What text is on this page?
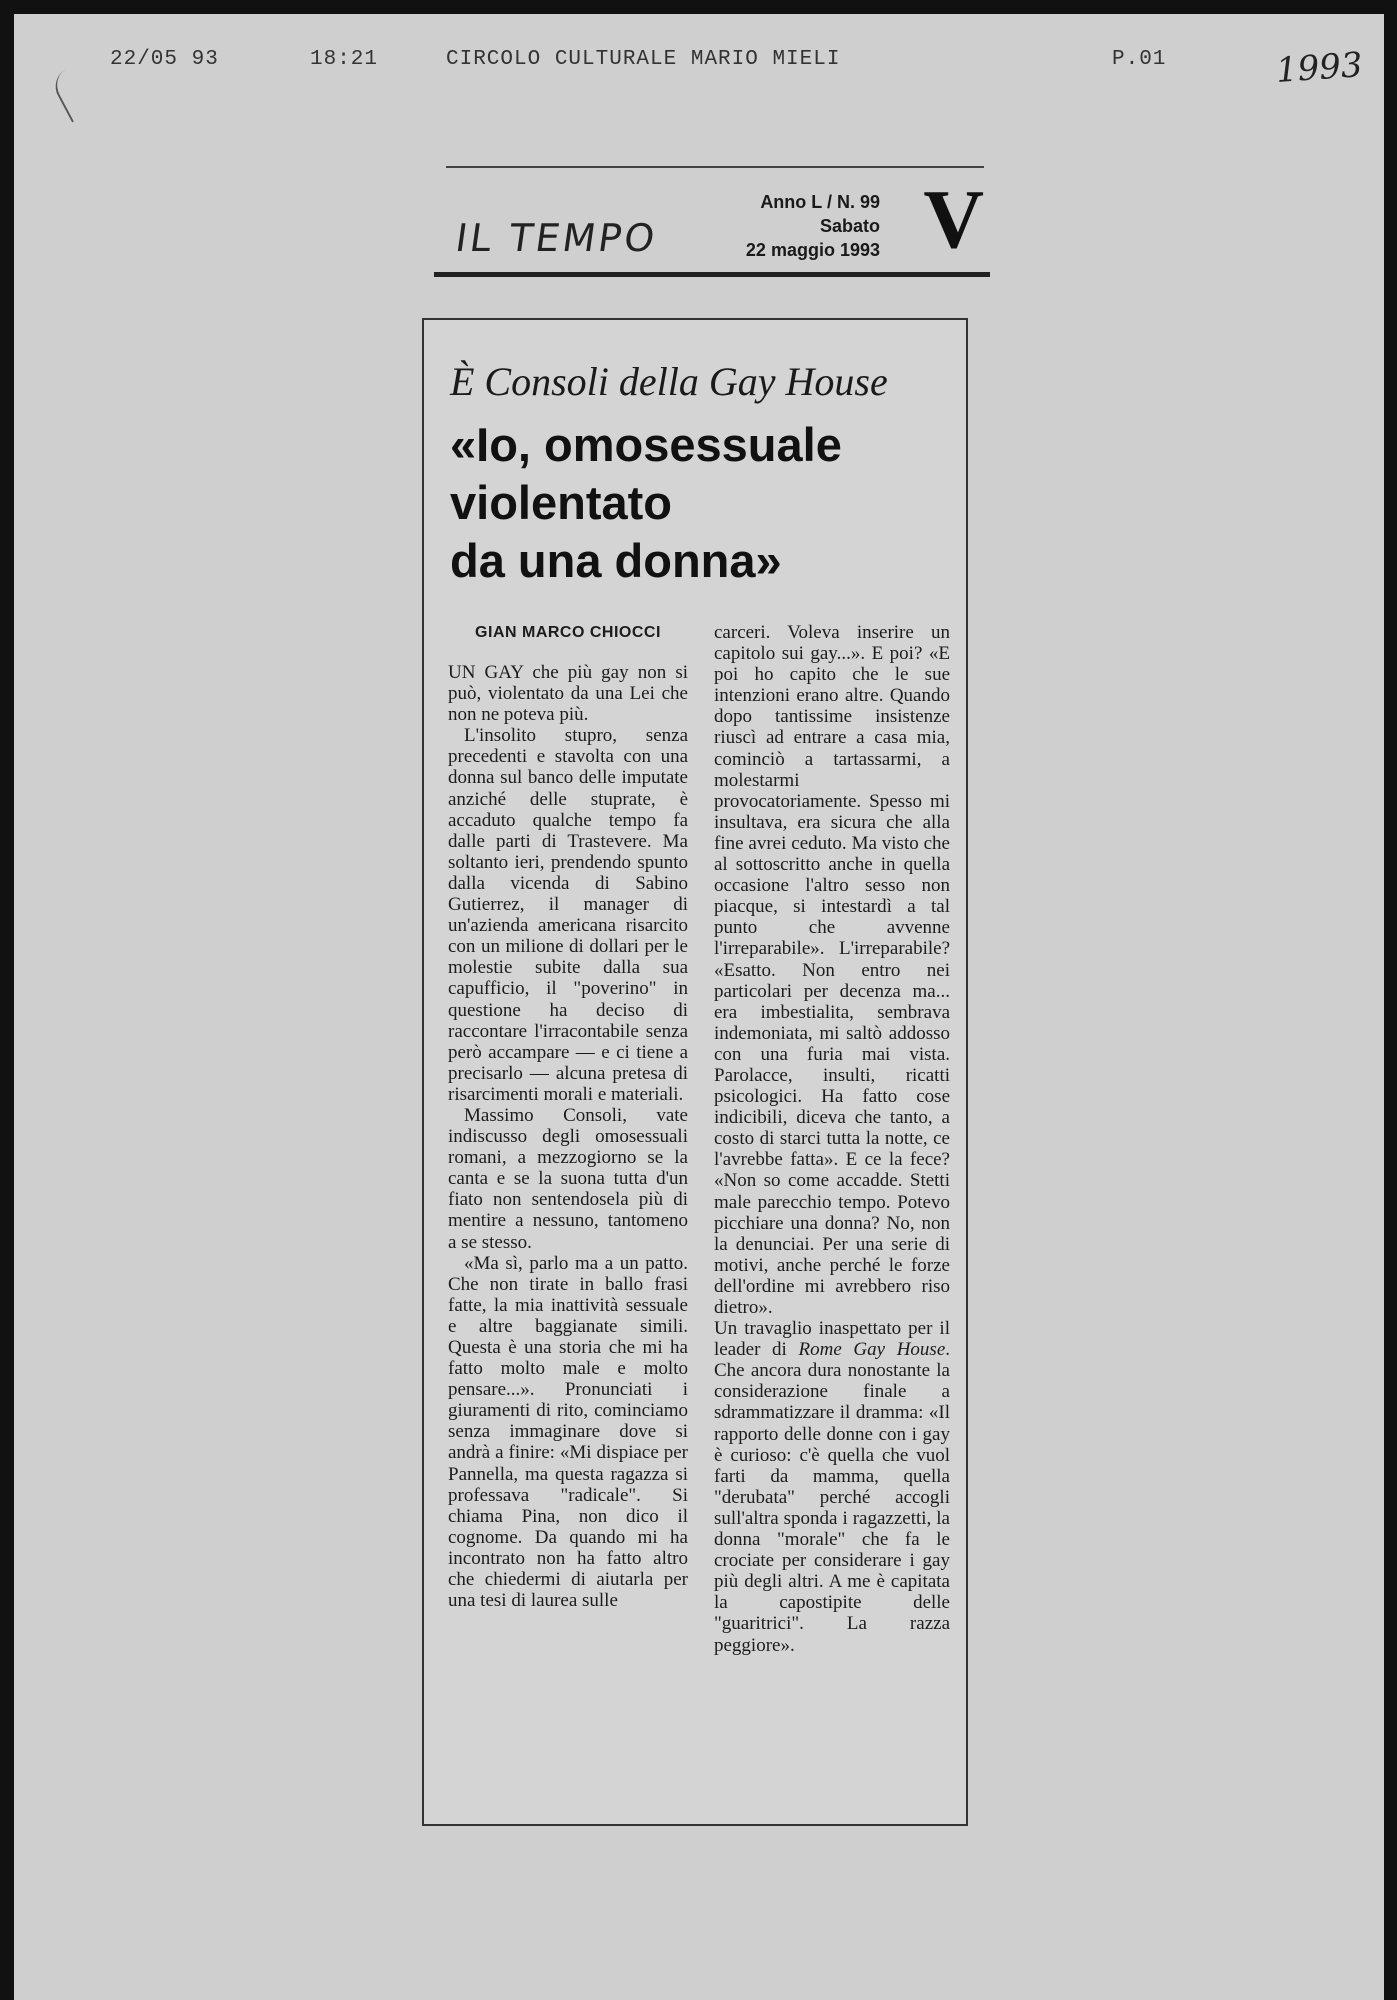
22/05 93	18:21	CIRCOLO CULTURALE MARIO MIELI	P.01	1993
IL TEMPO
Anno L / N. 99
Sabato
22 maggio 1993 V
È Consoli della Gay House
«Io, omosessuale
violentato
da una donna»
GIAN MARCO CHIOCCI

UN GAY che più gay non si può, violentato da una Lei che non ne poteva più.

L'insolito stupro, senza precedenti e stavolta con una donna sul banco delle imputate anziché delle stuprate, è accaduto qualche tempo fa dalle parti di Trastevere. Ma soltanto ieri, prendendo spunto dalla vicenda di Sabino Gutierrez, il manager di un'azienda americana risarcito con un milione di dollari per le molestie subite dalla sua capufficio, il "poverino" in questione ha deciso di raccontare l'irracontabile senza però accampare — e ci tiene a precisarlo — alcuna pretesa di risarcimenti morali e materiali.

Massimo Consoli, vate indiscusso degli omosessuali romani, a mezzogiorno se la canta e se la suona tutta d'un fiato non sentendosela più di mentire a nessuno, tantomeno a se stesso.

«Ma sì, parlo ma a un patto. Che non tirate in ballo frasi fatte, la mia inattività sessuale e altre baggianate simili. Questa è una storia che mi ha fatto molto male e molto pensare...». Pronunciati i giuramenti di rito, cominciamo senza immaginare dove si andrà a finire: «Mi dispiace per Pannella, ma questa ragazza si professava "radicale". Si chiama Pina, non dico il cognome. Da quando mi ha incontrato non ha fatto altro che chiedermi di aiutarla per una tesi di laurea sulle

carceri. Voleva inserire un capitolo sui gay...». E poi? «E poi ho capito che le sue intenzioni erano altre. Quando dopo tantissime insistenze riuscì ad entrare a casa mia, cominciò a tartassarmi, a molestarmi provocatoriamente. Spesso mi insultava, era sicura che alla fine avrei ceduto. Ma visto che al sottoscritto anche in quella occasione l'altro sesso non piacque, si intestardì a tal punto che avvenne l'irreparabile». L'irreparabile? «Esatto. Non entro nei particolari per decenza ma... era imbestialita, sembrava indemoniata, mi saltò addosso con una furia mai vista. Parolacce, insulti, ricatti psicologici. Ha fatto cose indicibili, diceva che tanto, a costo di starci tutta la notte, ce l'avrebbe fatta». E ce la fece? «Non so come accadde. Stetti male parecchio tempo. Potevo picchiare una donna? No, non la denunciai. Per una serie di motivi, anche perché le forze dell'ordine mi avrebbero riso dietro».

Un travaglio inaspettato per il leader di Rome Gay House. Che ancora dura nonostante la considerazione finale a sdrammatizzare il dramma: «Il rapporto delle donne con i gay è curioso: c'è quella che vuol farti da mamma, quella "derubata" perché accogli sull'altra sponda i ragazzetti, la donna "morale" che fa le crociate per considerare i gay più degli altri. A me è capitata la capostipite delle "guaritrici". La razza peggiore».
